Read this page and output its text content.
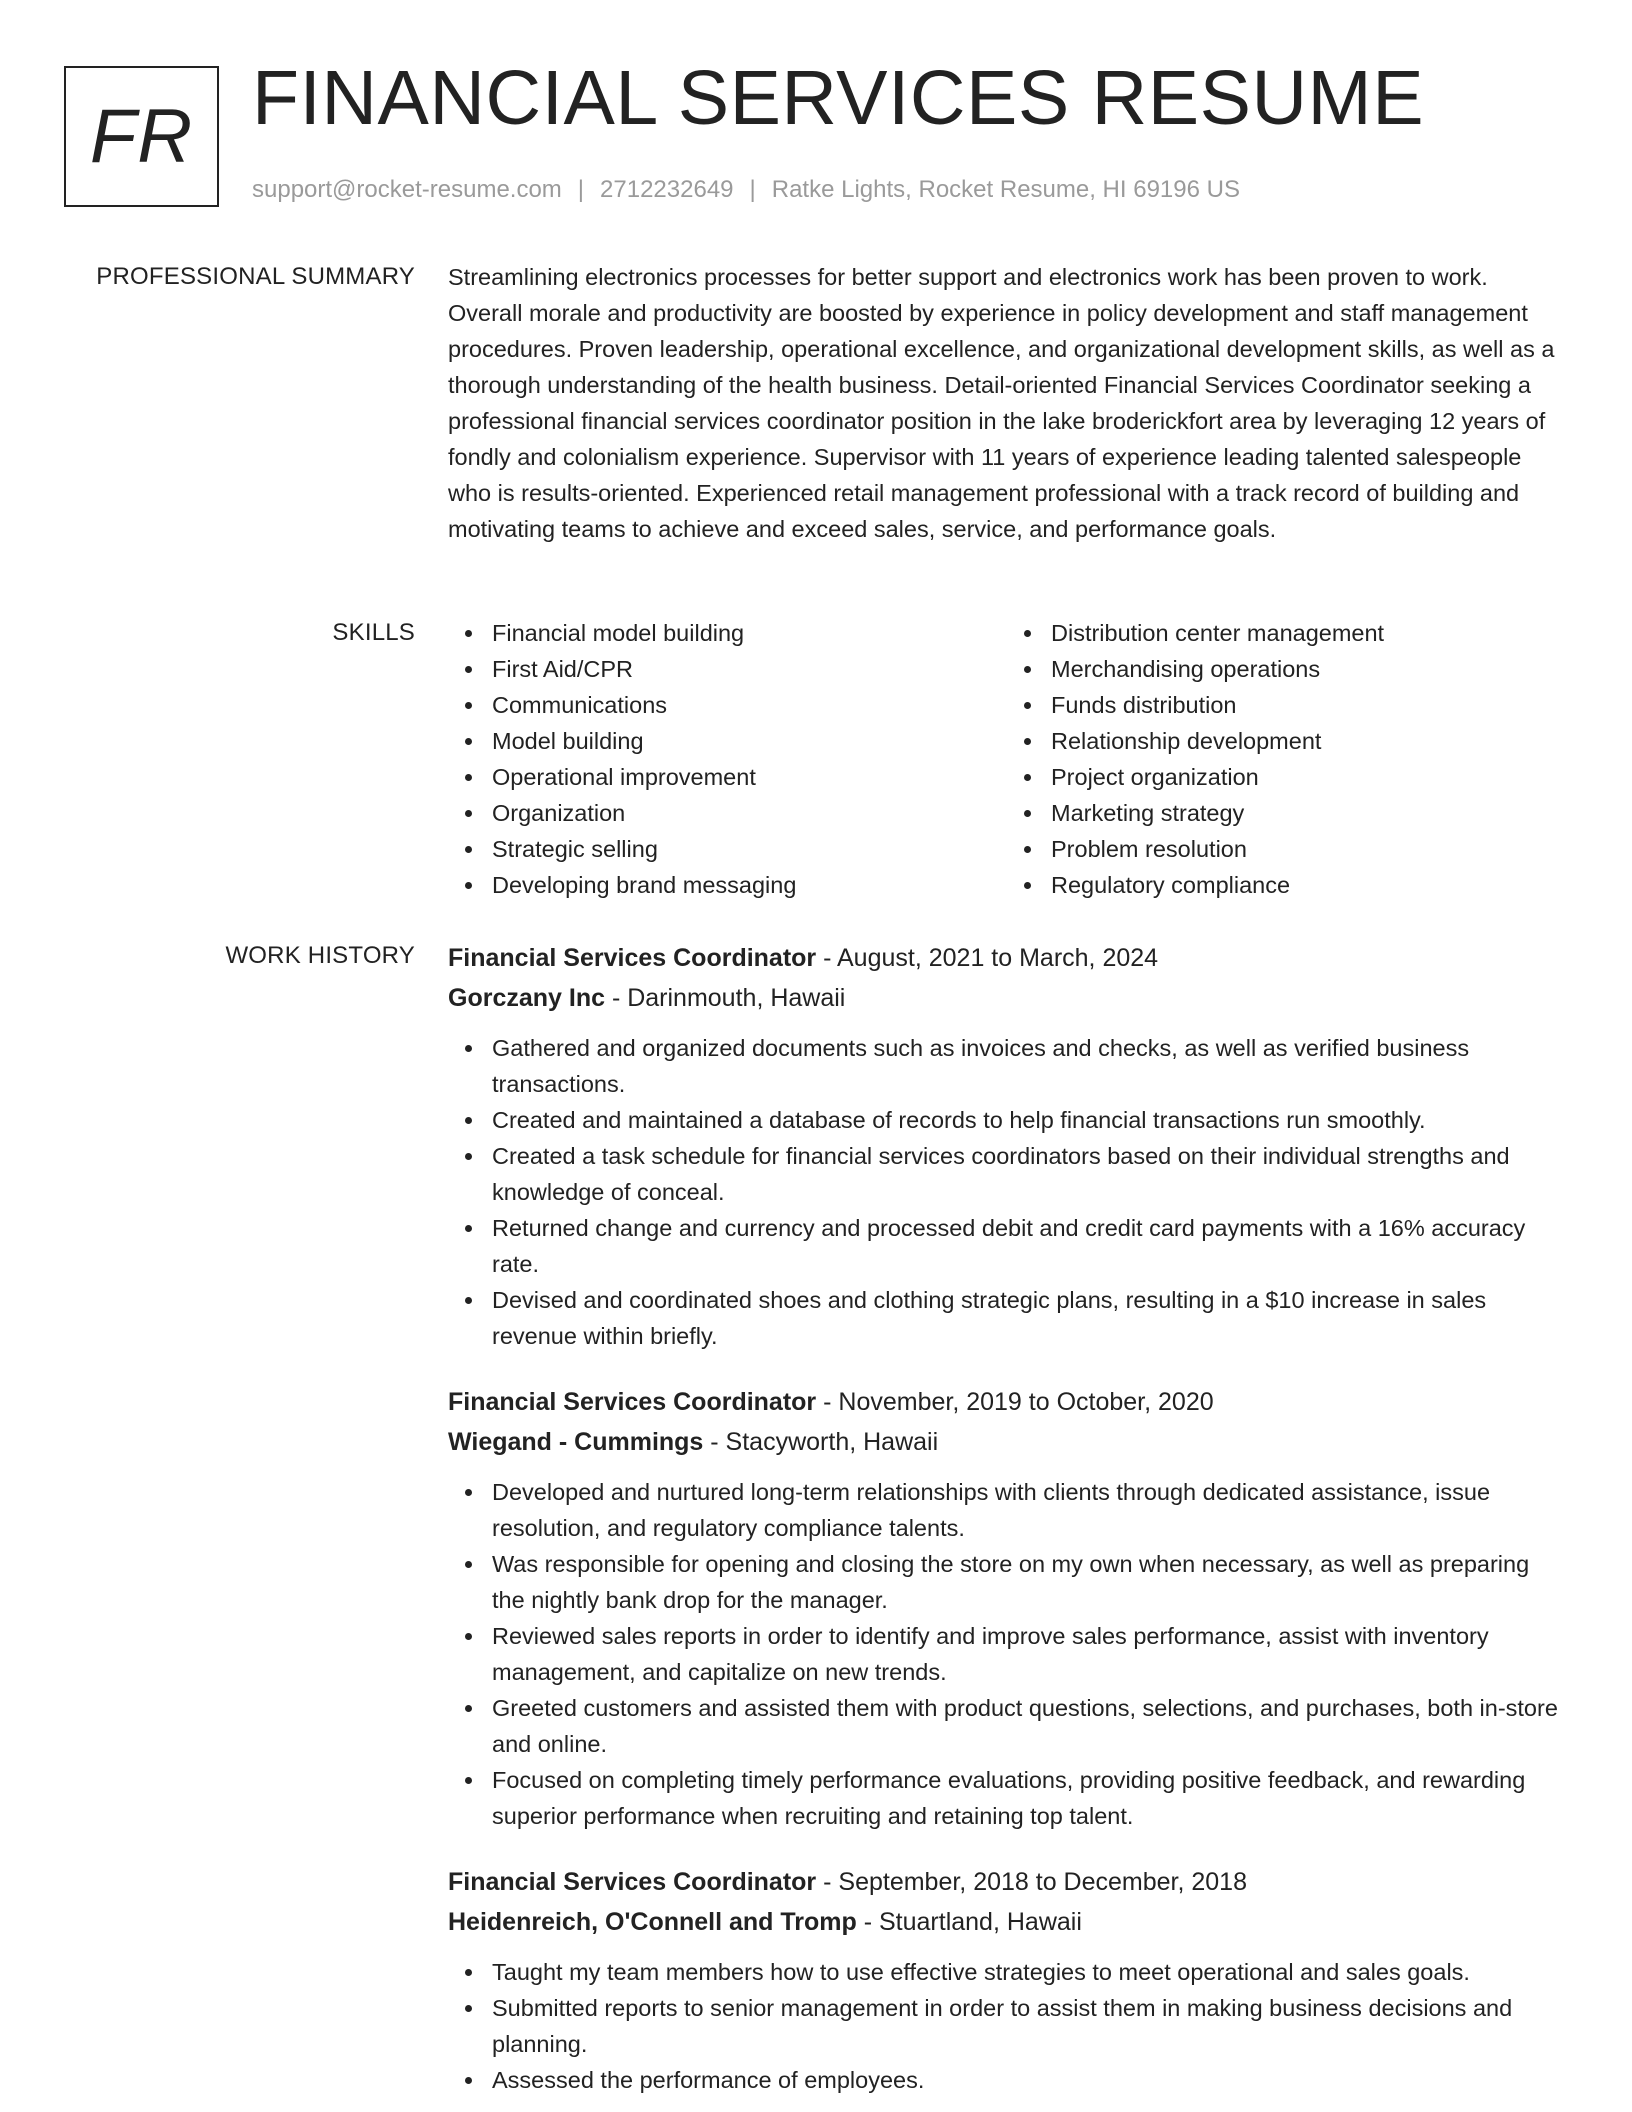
FR FINANCIAL SERVICES RESUME
support@rocket-resume.com | 2712232649 | Ratke Lights, Rocket Resume, HI 69196 US
PROFESSIONAL SUMMARY Streamlining electronics processes for better support and electronics work has been proven to work. Overall morale and productivity are boosted by experience in policy development and staff management procedures. Proven leadership, operational excellence, and organizational development skills, as well as a thorough understanding of the health business. Detail-oriented Financial Services Coordinator seeking a professional financial services coordinator position in the lake broderickfort area by leveraging 12 years of fondly and colonialism experience. Supervisor with 11 years of experience leading talented salespeople who is results-oriented. Experienced retail management professional with a track record of building and motivating teams to achieve and exceed sales, service, and performance goals.

SKILLS	Financial model building
First Aid/CPR
Communications
Model building
Operational improvement
Organization
Strategic selling
Developing brand messaging
Distribution center management
Merchandising operations
Funds distribution
Relationship development
Project organization
Marketing strategy
Problem resolution
Regulatory compliance
WORK HISTORY Financial Services Coordinator - August, 2021 to March, 2024
Gorczany Inc - Darinmouth, Hawaii
Gathered and organized documents such as invoices and checks, as well as verified business transactions.
Created and maintained a database of records to help financial transactions run smoothly.
Created a task schedule for financial services coordinators based on their individual strengths and knowledge of conceal.
Returned change and currency and processed debit and credit card payments with a 16% accuracy rate.
Devised and coordinated shoes and clothing strategic plans, resulting in a $10 increase in sales revenue within briefly.
Financial Services Coordinator - November, 2019 to October, 2020
Wiegand - Cummings - Stacyworth, Hawaii
Developed and nurtured long-term relationships with clients through dedicated assistance, issue resolution, and regulatory compliance talents.
Was responsible for opening and closing the store on my own when necessary, as well as preparing the nightly bank drop for the manager.
Reviewed sales reports in order to identify and improve sales performance, assist with inventory management, and capitalize on new trends.
Greeted customers and assisted them with product questions, selections, and purchases, both in-store and online.
Focused on completing timely performance evaluations, providing positive feedback, and rewarding superior performance when recruiting and retaining top talent.
Financial Services Coordinator - September, 2018 to December, 2018
Heidenreich, O'Connell and Tromp - Stuartland, Hawaii
Taught my team members how to use effective strategies to meet operational and sales goals.
Submitted reports to senior management in order to assist them in making business decisions and planning.
Assessed the performance of employees.
